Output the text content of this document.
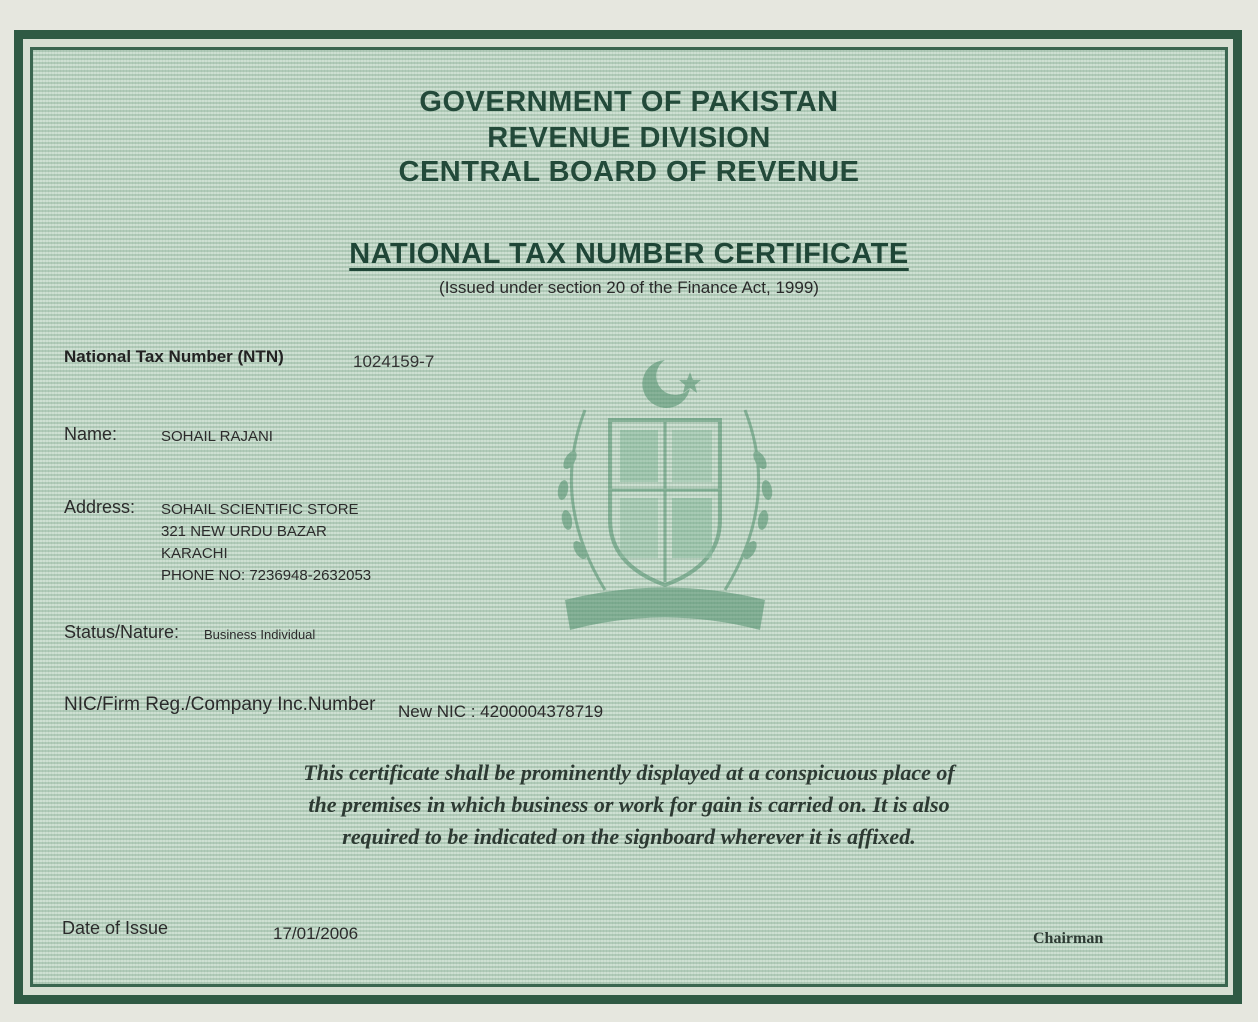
GOVERNMENT OF PAKISTAN
REVENUE DIVISION
CENTRAL BOARD OF REVENUE
NATIONAL TAX NUMBER CERTIFICATE
(Issued under section 20 of the Finance Act, 1999)
National Tax Number (NTN)	1024159-7
Name:	SOHAIL RAJANI
Address: SOHAIL SCIENTIFIC STORE
321 NEW URDU BAZAR
KARACHI
PHONE NO: 7236948-2632053
Status/Nature: Business Individual
NIC/Firm Reg./Company Inc.Number New NIC : 4200004378719
This certificate shall be prominently displayed at a conspicuous place of
the premises in which business or work for gain is carried on. It is also
required to be indicated on the signboard wherever it is affixed.
Date of Issue	17/01/2006	Chairman
